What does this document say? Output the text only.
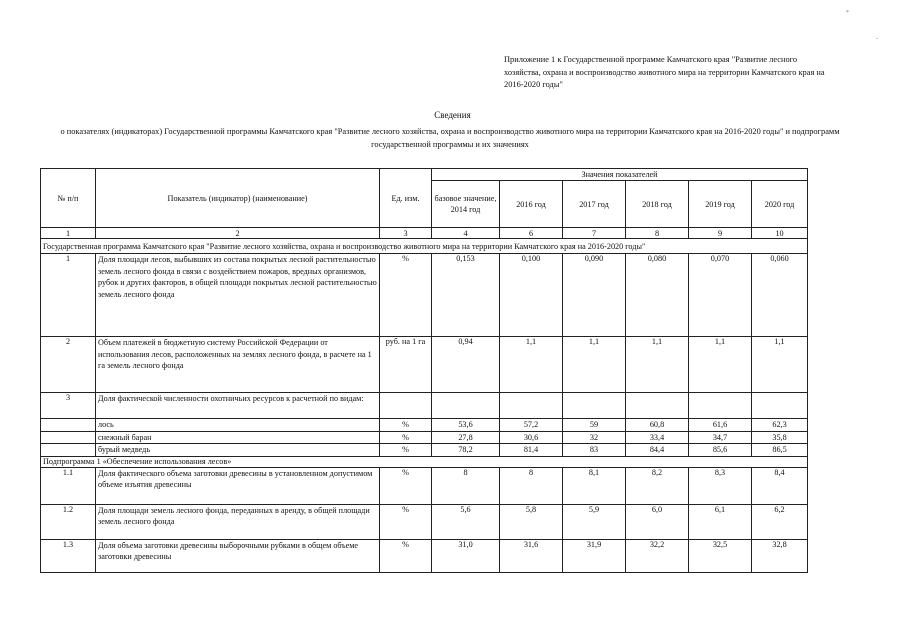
Приложение 1 к Государственной программе Камчатского края "Развитие лесного хозяйства, охрана и воспроизводство животного мира на территории Камчатского края на 2016-2020 годы"
*
-
Сведения
о показателях (индикаторах) Государственной программы Камчатского края "Развитие лесного хозяйства, охрана и воспроизводство животного мира на территории Камчатского края на 2016-2020 годы" и подпрограмм государственной программы и их значениях
№ п/п	Показатель (индикатор) (наименование)	Ед. изм.	Значения показателей					
			базовое значение, 2014 год	2016 год	2017 год	2018 год	2019 год	2020 год
1	2	3	4	6	7	8	9	10
Государственная программа Камчатского края "Развитие лесного хозяйства, охрана и воспроизводство животного мира на территории Камчатского края на 2016-2020 годы"								
1	Доля площади лесов, выбывших из состава покрытых лесной растительностью земель лесного фонда в связи с воздействием пожаров, вредных организмов, рубок и других факторов, в общей площади покрытых лесной растительностью земель лесного фонда	%	0,153	0,100	0,090	0,080	0,070	0,060
2	Объем платежей в бюджетную систему Российской Федерации от использования лесов, расположенных на землях лесного фонда, в расчете на 1 га земель лесного фонда	руб. на 1 га	0,94	1,1	1,1	1,1	1,1	1,1
3	Доля фактической численности охотничьих ресурсов к расчетной по видам:							
	лось	%	53,6	57,2	59	60,8	61,6	62,3
	снежный баран	%	27,8	30,6	32	33,4	34,7	35,8
	бурый медведь	%	78,2	81,4	83	84,4	85,6	86,5
Подпрограмма 1 «Обеспечение использования лесов»								
1.1	Доля фактического объема заготовки древесины в установленном допустимом объеме изъятия древесины	%	8	8	8,1	8,2	8,3	8,4
1.2	Доля площади земель лесного фонда, переданных в аренду, в общей площади земель лесного фонда	%	5,6	5,8	5,9	6,0	6,1	6,2
1.3	Доля объема заготовки древесины выборочными рубками в общем объеме заготовки древесины	%	31,0	31,6	31,9	32,2	32,5	32,8
